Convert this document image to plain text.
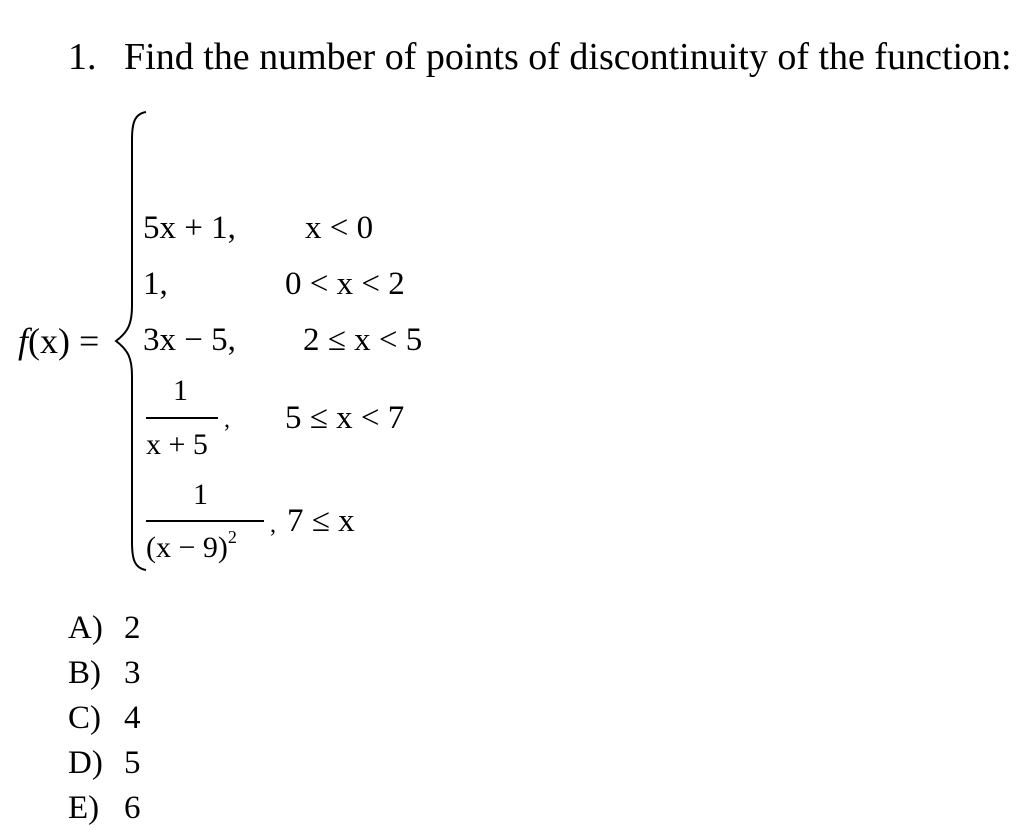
1. Find the number of points of discontinuity of the function:
f(x) =
5x + 1, x < 0
1,	0 < x < 2
3x − 5, 2 ≤ x < 5
1
x + 5
, 5 ≤ x < 7
1
$(x - 9)^2$ , 7 ≤ x
A) 2
B) 3
C) 4
D) 5
E) 6
